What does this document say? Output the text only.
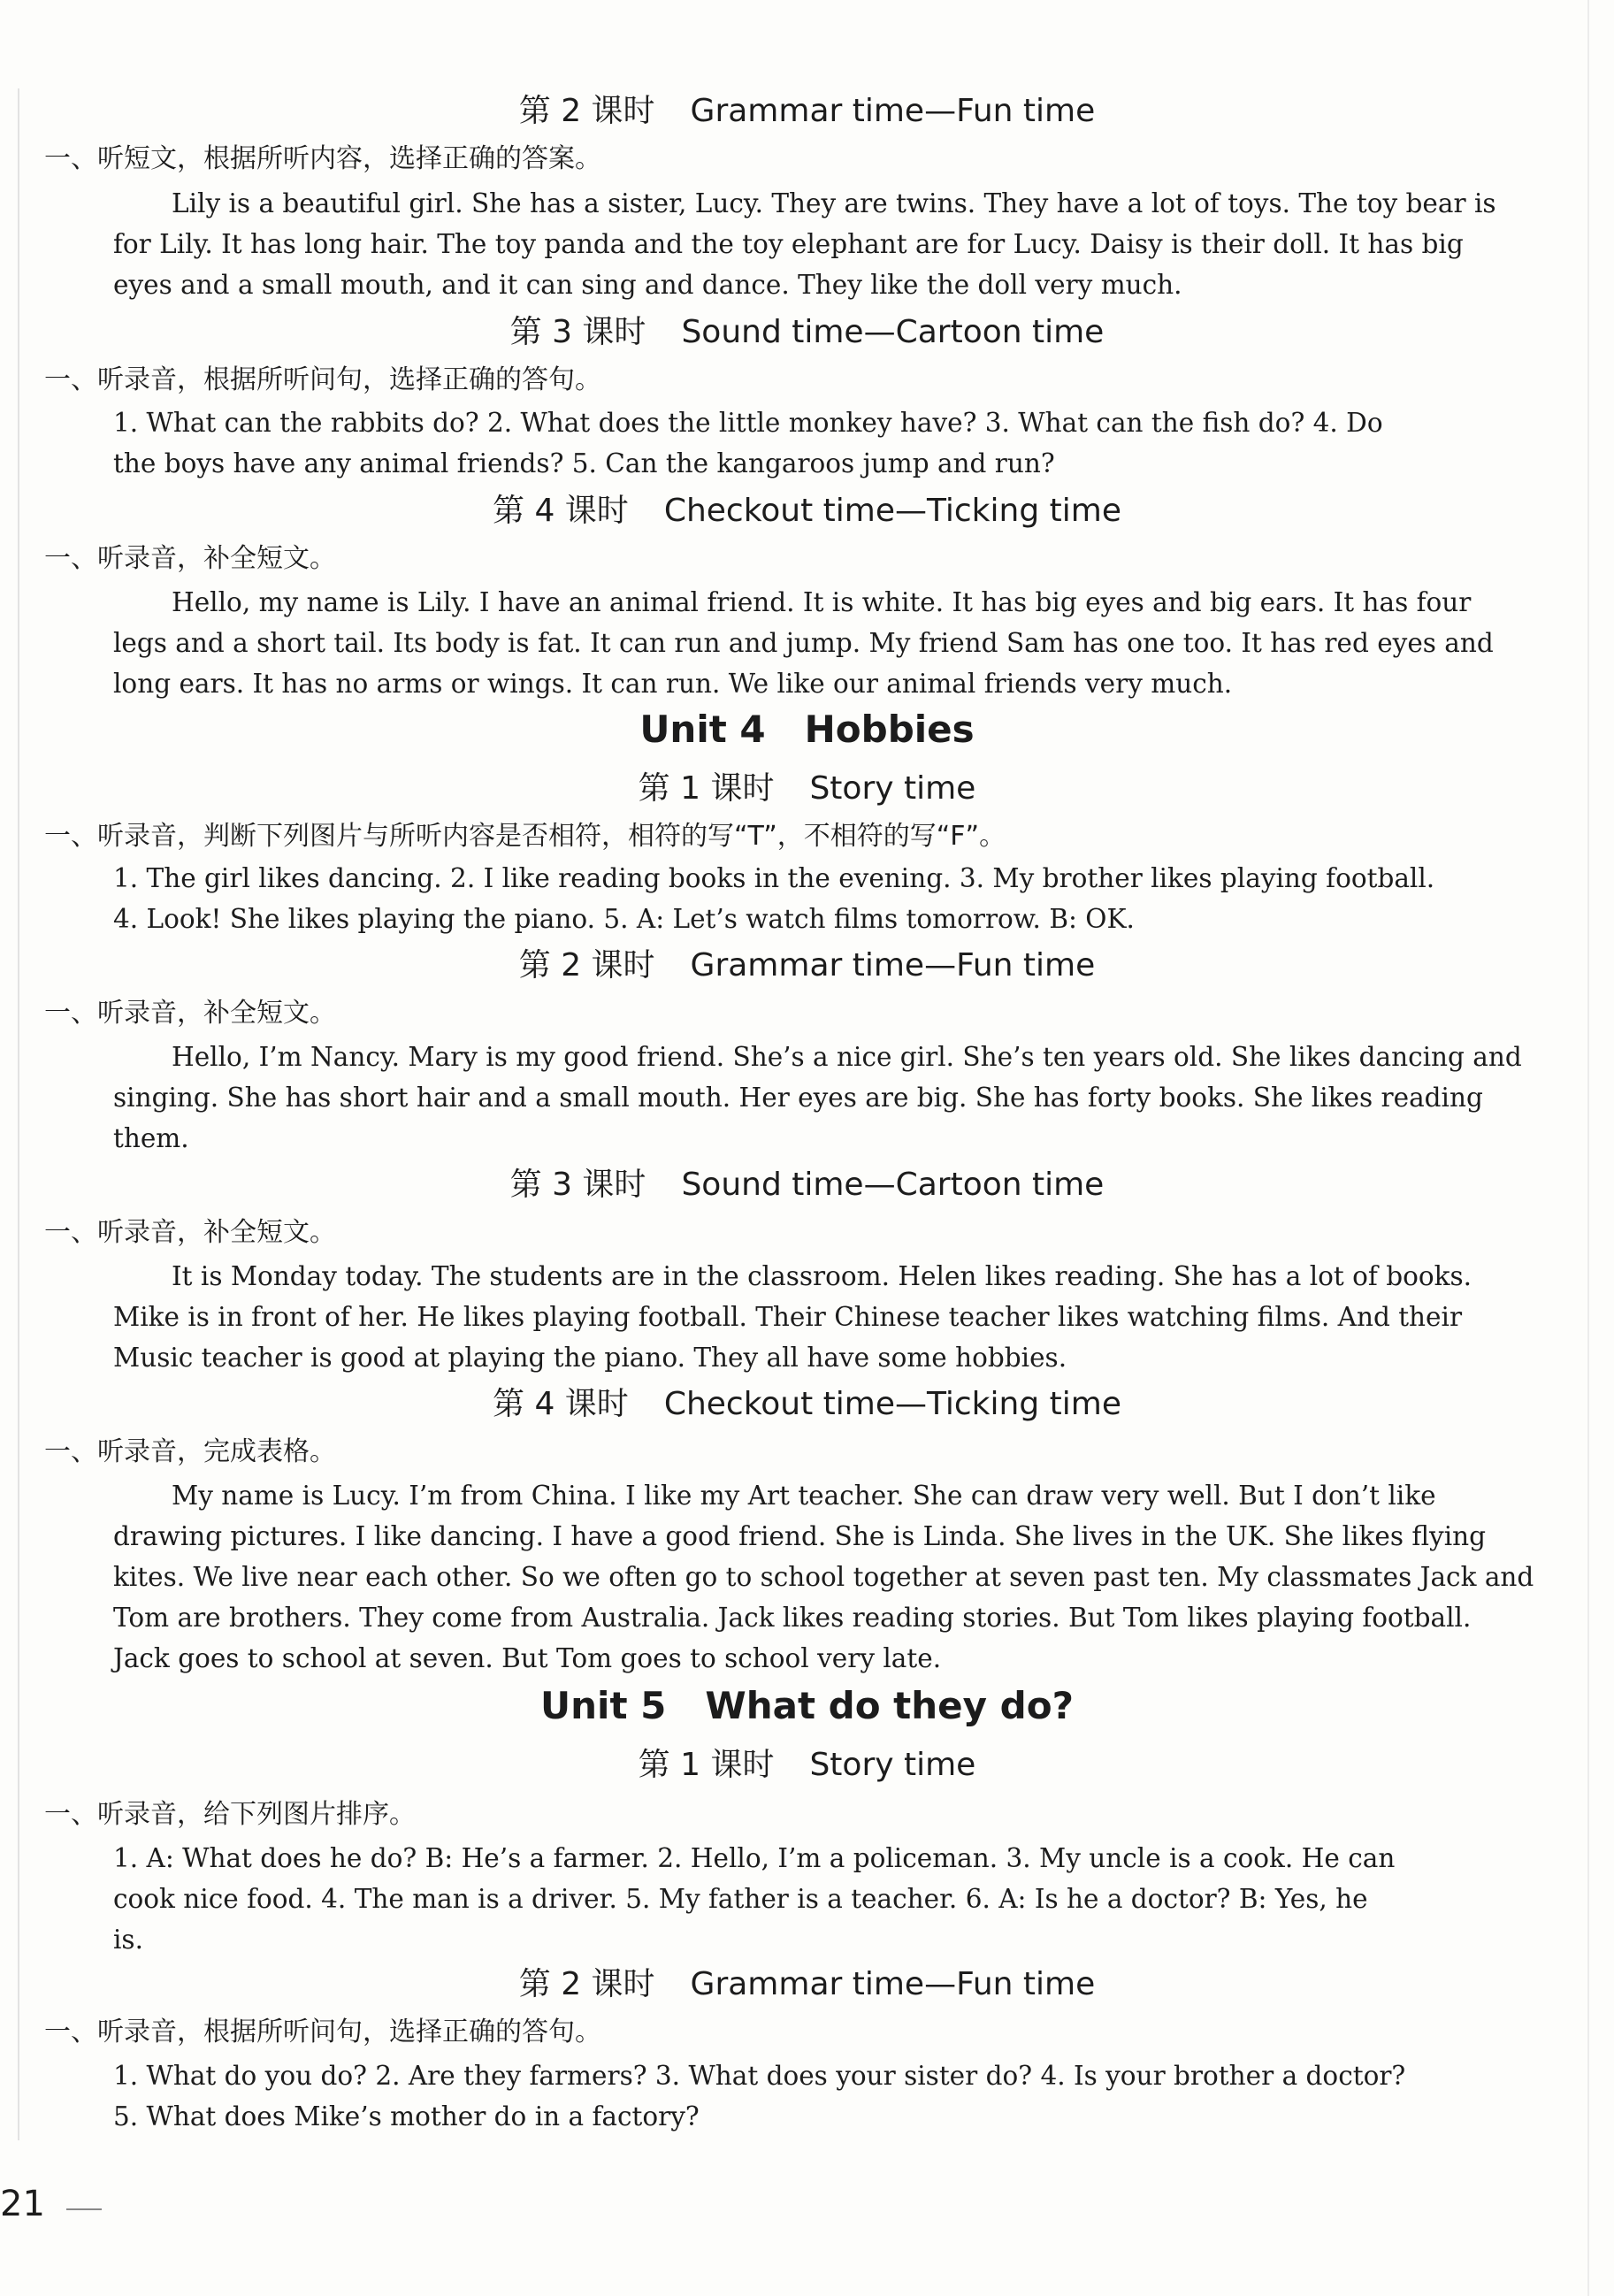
第 2 课时 Grammar time—Fun time
一、听短文，根据所听内容，选择正确的答案。
Lily is a beautiful girl. She has a sister, Lucy. They are twins. They have a lot of toys. The toy bear is
for Lily. It has long hair. The toy panda and the toy elephant are for Lucy. Daisy is their doll. It has big
eyes and a small mouth, and it can sing and dance. They like the doll very much.
第 3 课时 Sound time—Cartoon time
一、听录音，根据所听问句，选择正确的答句。
1. What can the rabbits do? 2. What does the little monkey have? 3. What can the fish do? 4. Do
the boys have any animal friends? 5. Can the kangaroos jump and run?
第 4 课时 Checkout time—Ticking time
一、听录音，补全短文。
Hello, my name is Lily. I have an animal friend. It is white. It has big eyes and big ears. It has four
legs and a short tail. Its body is fat. It can run and jump. My friend Sam has one too. It has red eyes and
long ears. It has no arms or wings. It can run. We like our animal friends very much.
Unit 4 Hobbies
第 1 课时 Story time
一、听录音，判断下列图片与所听内容是否相符，相符的写“T”，不相符的写“F”。
1. The girl likes dancing. 2. I like reading books in the evening. 3. My brother likes playing football.
4. Look! She likes playing the piano. 5. A: Let’s watch films tomorrow. B: OK.
第 2 课时 Grammar time—Fun time
一、听录音，补全短文。
Hello, I’m Nancy. Mary is my good friend. She’s a nice girl. She’s ten years old. She likes dancing and
singing. She has short hair and a small mouth. Her eyes are big. She has forty books. She likes reading
them.
第 3 课时 Sound time—Cartoon time
一、听录音，补全短文。
It is Monday today. The students are in the classroom. Helen likes reading. She has a lot of books.
Mike is in front of her. He likes playing football. Their Chinese teacher likes watching films. And their
Music teacher is good at playing the piano. They all have some hobbies.
第 4 课时 Checkout time—Ticking time
一、听录音，完成表格。
My name is Lucy. I’m from China. I like my Art teacher. She can draw very well. But I don’t like
drawing pictures. I like dancing. I have a good friend. She is Linda. She lives in the UK. She likes flying
kites. We live near each other. So we often go to school together at seven past ten. My classmates Jack and
Tom are brothers. They come from Australia. Jack likes reading stories. But Tom likes playing football.
Jack goes to school at seven. But Tom goes to school very late.
Unit 5 What do they do?
第 1 课时 Story time
一、听录音，给下列图片排序。
1. A: What does he do? B: He’s a farmer. 2. Hello, I’m a policeman. 3. My uncle is a cook. He can
cook nice food. 4. The man is a driver. 5. My father is a teacher. 6. A: Is he a doctor? B: Yes, he
is.
第 2 课时 Grammar time—Fun time
一、听录音，根据所听问句，选择正确的答句。
1. What do you do? 2. Are they farmers? 3. What does your sister do? 4. Is your brother a doctor?
5. What does Mike’s mother do in a factory?
21
